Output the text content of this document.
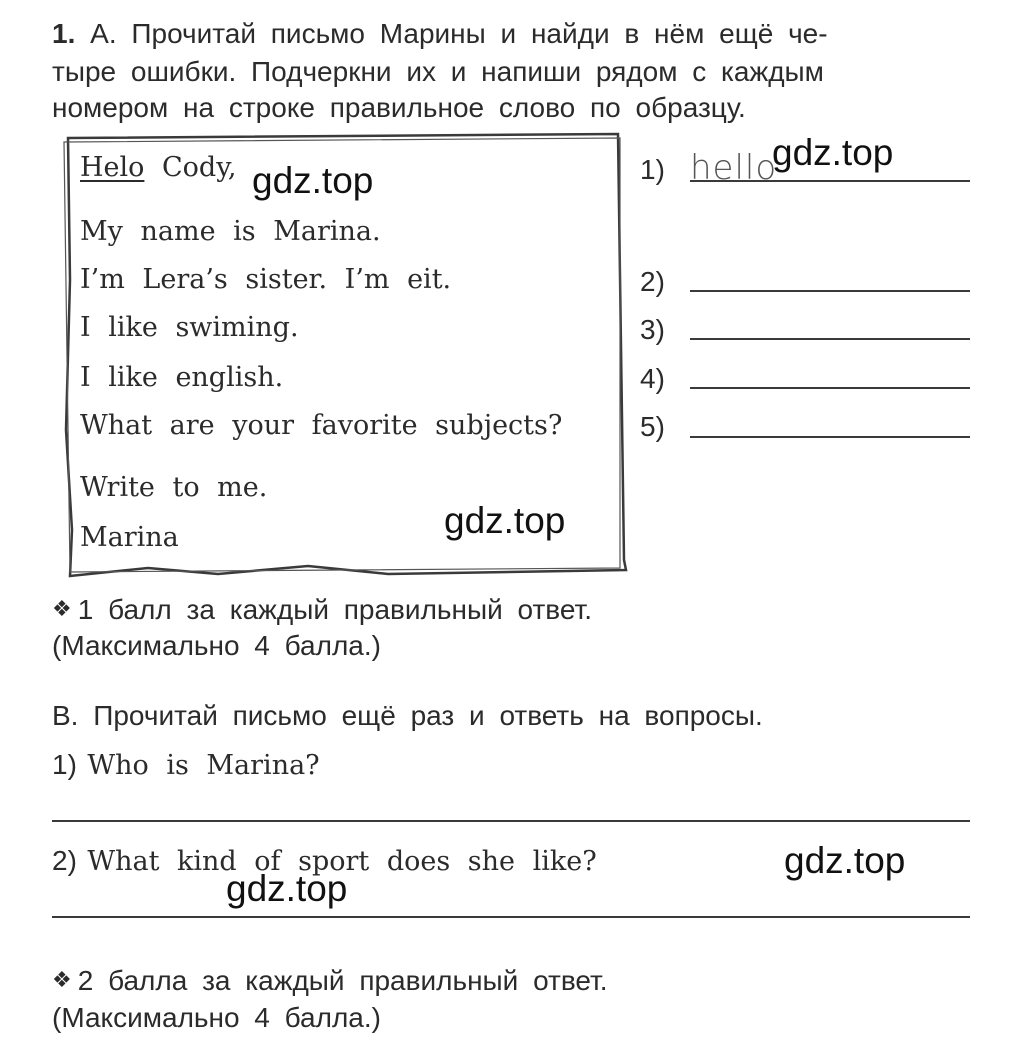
1. А. Прочитай письмо Марины и найди в нём ещё че-
тыре ошибки. Подчеркни их и напиши рядом с каждым
номером на строке правильное слово по образцу.
Helo Cody,
My name is Marina.
I’m Lera’s sister. I’m eit.
I like swiming.
I like english.
What are your favorite subjects?
Write to me.
Marina
1) hello
2)
3)
4)
5)
❖ 1 балл за каждый правильный ответ.
(Максимально 4 балла.)
В. Прочитай письмо ещё раз и ответь на вопросы.
1) Who is Marina?
2) What kind of sport does she like?
❖ 2 балла за каждый правильный ответ.
(Максимально 4 балла.)
gdz.top
gdz.top
gdz.top
gdz.top
gdz.top
